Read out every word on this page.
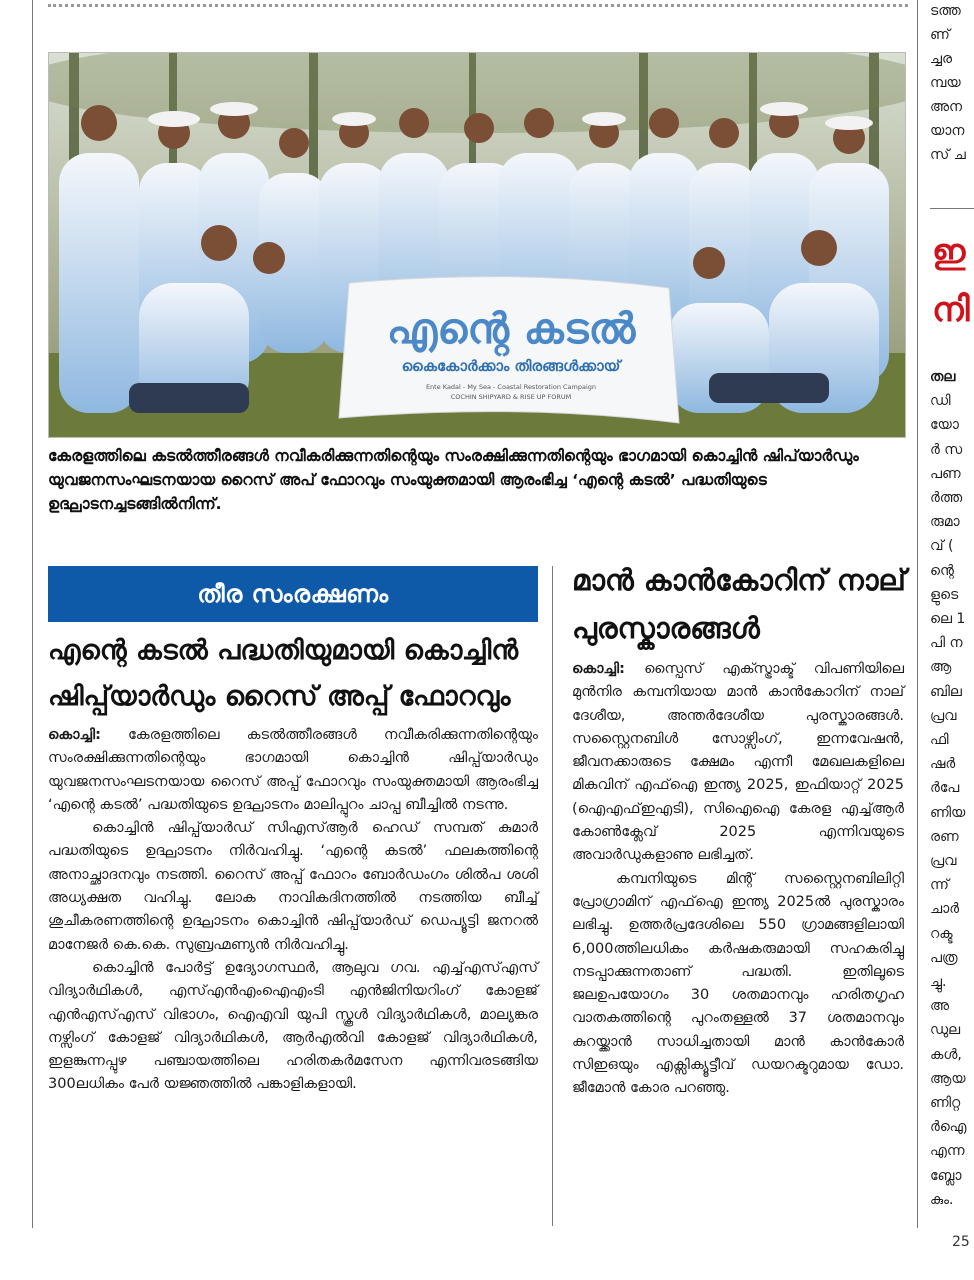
എന്റെ കടൽ
കൈകോർക്കാം തിരങ്ങൾക്കായ്
Ente Kadal - My Sea - Coastal Restoration Campaign
COCHIN SHIPYARD & RISE UP FORUM
കേരളത്തിലെ കടൽത്തീരങ്ങൾ നവീകരിക്കുന്നതിന്റെയും സംരക്ഷിക്കുന്നതിന്റെയും ഭാഗമായി കൊച്ചിൻ ഷിപ്‌യാർഡും യുവജനസംഘടനയായ റൈസ് അപ് ഫോറവും സംയുക്തമായി ആരംഭിച്ച ‘എന്റെ കടൽ’ പദ്ധതിയുടെ ഉദ്ഘാടനച്ചടങ്ങിൽനിന്ന്.
തീര സംരക്ഷണം
എന്റെ കടൽ പദ്ധതിയുമായി കൊച്ചിൻ ഷിപ്പ്‌യാർഡും റൈസ് അപ്പ് ഫോറവും

കൊച്ചി: കേരളത്തിലെ കടൽത്തീരങ്ങൾ നവീകരിക്കുന്നതിന്റെയും സംരക്ഷിക്കുന്നതിന്റെയും ഭാഗമായി കൊച്ചിൻ ഷിപ്പ്‌യാർഡും യുവജനസംഘടനയായ റൈസ് അപ്പ് ഫോറവും സംയുക്തമായി ആരംഭിച്ച ‘എന്റെ കടൽ’ പദ്ധതിയുടെ ഉദ്ഘാടനം മാലിപ്പുറം ചാപ്പ ബീച്ചിൽ നടന്നു.

കൊച്ചിൻ ഷിപ്പ്‌യാർഡ് സിഎസ്ആർ ഹെഡ് സമ്പത് കുമാർ പദ്ധതിയുടെ ഉദ്ഘാടനം നിർവഹിച്ചു. ‘എന്റെ കടൽ’ ഫലകത്തിന്റെ അനാച്ഛാദനവും നടത്തി. റൈസ് അപ്പ് ഫോറം ബോർഡംഗം ശിൽപ ശശി അധ്യക്ഷത വഹിച്ചു. ലോക നാവികദിനത്തിൽ നടത്തിയ ബീച്ച് ശുചീകരണത്തിന്റെ ഉദ്ഘാടനം കൊച്ചിൻ ഷിപ്പ്‌യാർഡ് ഡെപ്യൂട്ടി ജനറൽ മാനേജർ കെ.കെ. സുബ്രഹ്മണ്യൻ നിർവഹിച്ചു.

കൊച്ചിൻ പോർട്ട് ഉദ്യോഗസ്ഥർ, ആലുവ ഗവ. എച്ച്എസ്എസ് വിദ്യാർഥികൾ, എസ്എൻഎംഐഎംടി എൻജിനിയറിംഗ് കോളജ് എൻഎസ്എസ് വിഭാഗം, ഐഎവി യുപി സ്കൂൾ വിദ്യാർഥികൾ, മാല്യങ്കര നഴ്സിംഗ് കോളജ് വിദ്യാർഥികൾ, ആർഎൽവി കോളജ് വിദ്യാർഥികൾ, ഇളങ്കുന്നപ്പുഴ പഞ്ചായത്തിലെ ഹരിതകർമസേന എന്നിവരടങ്ങിയ 300ലധികം പേർ യജ്ഞത്തിൽ പങ്കാളികളായി.

മാൻ കാൻകോറിന് നാല് പുരസ്കാരങ്ങൾ

കൊച്ചി: സ്പൈസ് എക്സ്ട്രാക്ട് വിപണിയിലെ മുൻനിര കമ്പനിയായ മാൻ കാൻകോറിന് നാല് ദേശീയ, അന്തർദേശീയ പുരസ്കാരങ്ങൾ. സസ്റ്റൈനബിൾ സോഴ്സിംഗ്, ഇന്നവേഷൻ, ജീവനക്കാരുടെ ക്ഷേമം എന്നീ മേഖലകളിലെ മികവിന് എഫ്ഐ ഇന്ത്യ 2025, ഇഫിയാറ്റ് 2025 (ഐഎഫ്ഇഎടി), സിഐഐ കേരള എച്ച്ആർ കോൺക്ലേവ് 2025 എന്നിവയുടെ അവാർഡുകളാണു ലഭിച്ചത്.

കമ്പനിയുടെ മിന്റ് സസ്റ്റൈനബിലിറ്റി പ്രോഗ്രാമിന് എഫ്ഐ ഇന്ത്യ 2025ൽ പുരസ്കാരം ലഭിച്ചു. ഉത്തർപ്രദേശിലെ 550 ഗ്രാമങ്ങളിലായി 6,000ത്തിലധികം കർഷകരുമായി സഹകരിച്ചു നടപ്പാക്കുന്നതാണ് പദ്ധതി. ഇതിലൂടെ ജലഉപയോഗം 30 ശതമാനവും ഹരിതഗൃഹ വാതകത്തിന്റെ പുറംതള്ളൽ 37 ശതമാനവും കുറയ്ക്കാൻ സാധിച്ചതായി മാൻ കാൻകോർ സിഇഒയും എക്സിക്യൂട്ടീവ് ഡയറക്ടറുമായ ഡോ. ജീമോൻ കോര പറഞ്ഞു.

ടത്ത
ണ്
ച്ചര
മ്പയ
അന
യാന
സ് ച
ഇ
നി
തല
ഡി
യോ
ർ സ
പണ
ർത്ത
രുമാ
വ് (
ന്റെ
ളുടെ
ലെ 1
പി ന
ആ
ബില
പ്രവ
ഫി
ഷർ
ർപേ
ണിയ
രണ
പ്രവ
ന്ന്
ചാർ
റക്ട
പത്ര
ച്ചു.
അ
ഡുല
കൾ,
ആയ
ണിറ്റ
ർഐ
എന്ന
ബ്ലോ
കും.
25
